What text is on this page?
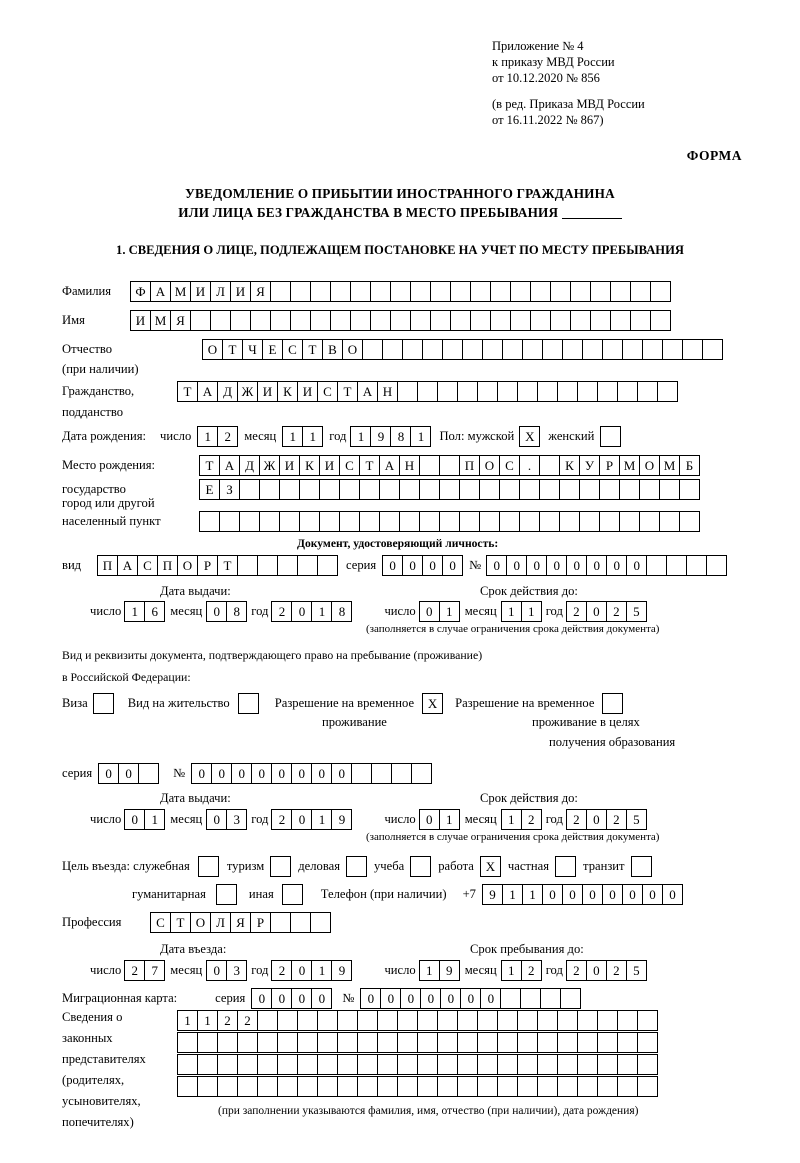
Приложение № 4
к приказу МВД России
от 10.12.2020 № 856
(в ред. Приказа МВД России
от 16.11.2022 № 867)
ФОРМА
УВЕДОМЛЕНИЕ О ПРИБЫТИИ ИНОСТРАННОГО ГРАЖДАНИНА
ИЛИ ЛИЦА БЕЗ ГРАЖДАНСТВА В МЕСТО ПРЕБЫВАНИЯ
1. СВЕДЕНИЯ О ЛИЦЕ, ПОДЛЕЖАЩЕМ ПОСТАНОВКЕ НА УЧЕТ ПО МЕСТУ ПРЕБЫВАНИЯ
Фамилия	Ф А М И Л И Я
Имя	И М Я
Отчество	О Т Ч Е С Т В О
(при наличии)
Гражданство,	Т А Д Ж И К И С Т А Н
подданство
Дата рождения: число	1	2	месяц	1	1	год 1	9	8	1	Пол: мужской X	женский
Место рождения:	Т А Д Ж И К И С Т А Н	П О С	.	К У Р М О М Б
государство	Е З
город или другой
населенный пункт
Документ, удостоверяющий личность:
вид	П А С П О Р Т	серия	0	0	0	0	№ 0	0	0	0	0	0	0	0
Дата выдачи:	Срок действия до:
число 1	6 месяц 0	8 год 2	0	1	8	число 0	1 месяц 1	1 год 2	0	2	5
(заполняется в случае ограничения срока действия документа)
Вид и реквизиты документа, подтверждающего право на пребывание (проживание)
в Российской Федерации:
Виза	Вид на жительство	Разрешение на временное	X	Разрешение на временное
проживание	проживание в целях
получения образования
серия	0	0	№	0	0	0	0	0	0	0	0
Дата выдачи:	Срок действия до:
число 0	1 месяц 0	3 год 2	0	1	9	число 0	1 месяц 1	2 год 2	0	2	5
(заполняется в случае ограничения срока действия документа)
Цель въезда: служебная	туризм	деловая	учеба	работа X	частная	транзит
гуманитарная	иная	Телефон (при наличии) +7	9	1	1	0	0	0	0	0	0	0
Профессия	С Т О Л Я Р
Дата въезда:	Срок пребывания до:
число 2	7 месяц 0	3 год 2	0	1	9	число 1	9 месяц 1	2 год 2	0	2	5
Миграционная карта:	серия	0	0	0	0	№	0	0	0	0	0	0	0
Сведения о
законных
представителях
(родителях,
усыновителях,
попечителях)
1	1	2	2
(при заполнении указываются фамилия, имя, отчество (при наличии), дата рождения)
